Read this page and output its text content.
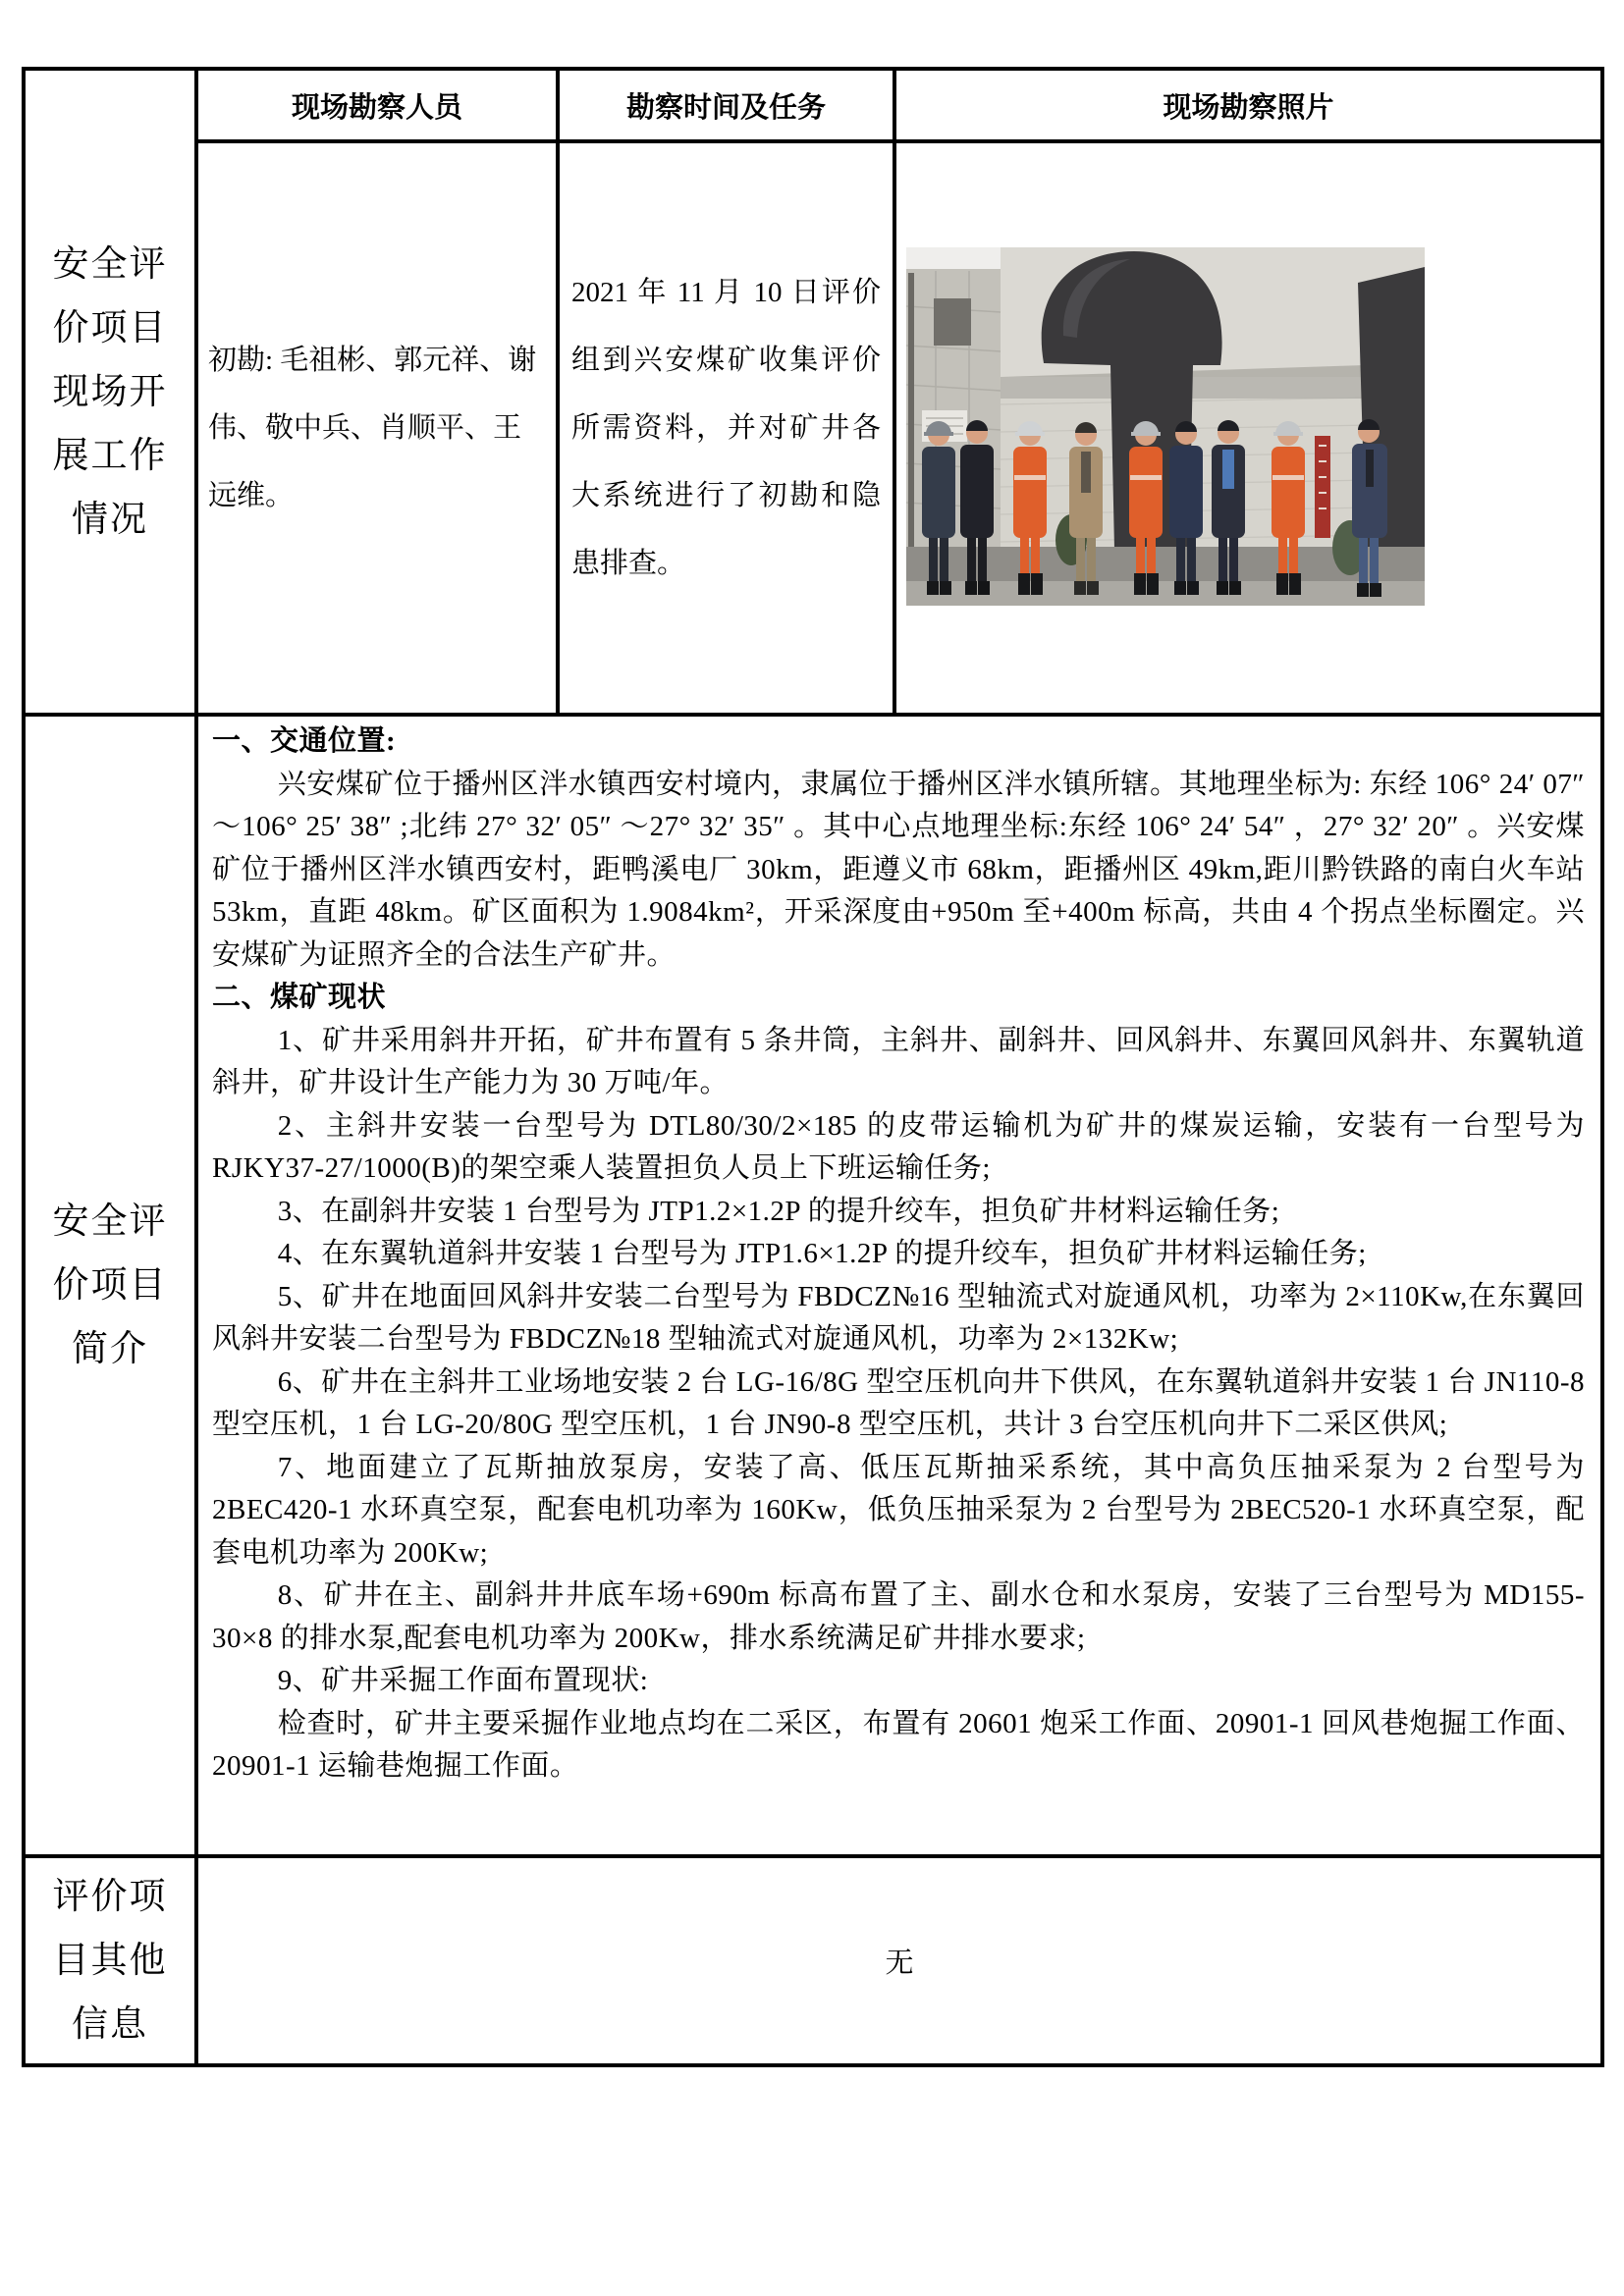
安全评价项目现场开展工作情况
现场勘察人员	勘察时间及任务	现场勘察照片
初勘: 毛祖彬、郭元祥、谢伟、敬中兵、肖顺平、王远维。
2021 年 11 月 10 日评价组到兴安煤矿收集评价所需资料，并对矿井各大系统进行了初勘和隐患排查。
安全评价项目简介

一、交通位置:

兴安煤矿位于播州区泮水镇西安村境内，隶属位于播州区泮水镇所辖。其地理坐标为: 东经 106° 24′ 07″ ～106° 25′ 38″ ;北纬 27° 32′ 05″ ～27° 32′ 35″ 。其中心点地理坐标:东经 106° 24′ 54″ ，27° 32′ 20″ 。兴安煤矿位于播州区泮水镇西安村，距鸭溪电厂 30km，距遵义市 68km，距播州区 49km,距川黔铁路的南白火车站 53km，直距 48km。矿区面积为 1.9084km²，开采深度由+950m 至+400m 标高，共由 4 个拐点坐标圈定。兴安煤矿为证照齐全的合法生产矿井。

二、煤矿现状

1、矿井采用斜井开拓，矿井布置有 5 条井筒，主斜井、副斜井、回风斜井、东翼回风斜井、东翼轨道斜井，矿井设计生产能力为 30 万吨/年。

2、主斜井安装一台型号为 DTL80/30/2×185 的皮带运输机为矿井的煤炭运输，安装有一台型号为 RJKY37-27/1000(B)的架空乘人装置担负人员上下班运输任务;

3、在副斜井安装 1 台型号为 JTP1.2×1.2P 的提升绞车，担负矿井材料运输任务;

4、在东翼轨道斜井安装 1 台型号为 JTP1.6×1.2P 的提升绞车，担负矿井材料运输任务;

5、矿井在地面回风斜井安装二台型号为 FBDCZ№16 型轴流式对旋通风机，功率为 2×110Kw,在东翼回风斜井安装二台型号为 FBDCZ№18 型轴流式对旋通风机，功率为 2×132Kw;

6、矿井在主斜井工业场地安装 2 台 LG-16/8G 型空压机向井下供风，在东翼轨道斜井安装 1 台 JN110-8 型空压机，1 台 LG-20/80G 型空压机，1 台 JN90-8 型空压机，共计 3 台空压机向井下二采区供风;

7、地面建立了瓦斯抽放泵房，安装了高、低压瓦斯抽采系统，其中高负压抽采泵为 2 台型号为 2BEC420-1 水环真空泵，配套电机功率为 160Kw，低负压抽采泵为 2 台型号为 2BEC520-1 水环真空泵，配套电机功率为 200Kw;

8、矿井在主、副斜井井底车场+690m 标高布置了主、副水仓和水泵房，安装了三台型号为 MD155-30×8 的排水泵,配套电机功率为 200Kw，排水系统满足矿井排水要求;

9、矿井采掘工作面布置现状:

检查时，矿井主要采掘作业地点均在二采区，布置有 20601 炮采工作面、20901-1 回风巷炮掘工作面、20901-1 运输巷炮掘工作面。

评价项目其他信息
无
